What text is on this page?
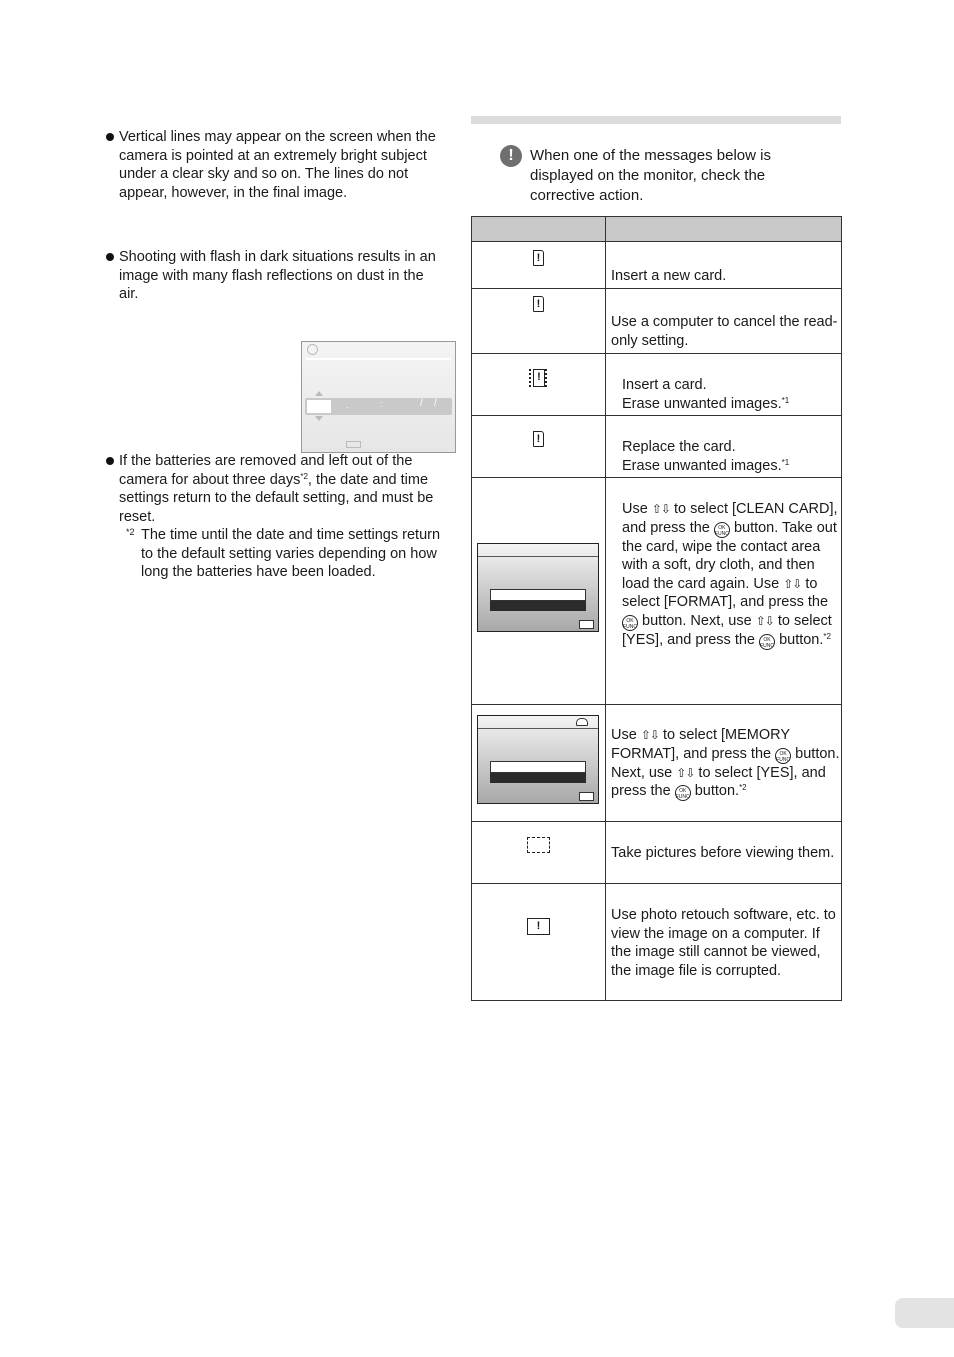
Vertical lines may appear on the screen when the camera is pointed at an extremely bright subject under a clear sky and so on. The lines do not appear, however, in the final image.
Shooting with flash in dark situations results in an image with many flash reflections on dust in the air.
.	:	/ /
If the batteries are removed and left out of the camera for about three days$^{*2}$, the date and time settings return to the default setting, and must be reset.
*2 The time until the date and time settings return to the default setting varies depending on how long the batteries have been loaded.
!	When one of the messages below is displayed on the monitor, check the corrective action.

!	Insert a new card.

!	Use a computer to cancel the read-only setting.

!	Insert a card.
Erase unwanted images.$^{*1}$

!	Replace the card.
Erase unwanted images.$^{*1}$

	Use ⇧⇩ to select [CLEAN CARD], and press the OK FUNC button. Take out the card, wipe the contact area with a soft, dry cloth, and then load the card again. Use ⇧⇩ to select [FORMAT], and press the OK FUNC button. Next, use ⇧⇩ to select [YES], and press the OK FUNC button.$^{*2}$

	Use ⇧⇩ to select [MEMORY FORMAT], and press the OK FUNC button. Next, use ⇧⇩ to select [YES], and press the OK FUNC button.$^{*2}$

	Take pictures before viewing them.

!	Use photo retouch software, etc. to view the image on a computer. If the image still cannot be viewed, the image file is corrupted.
